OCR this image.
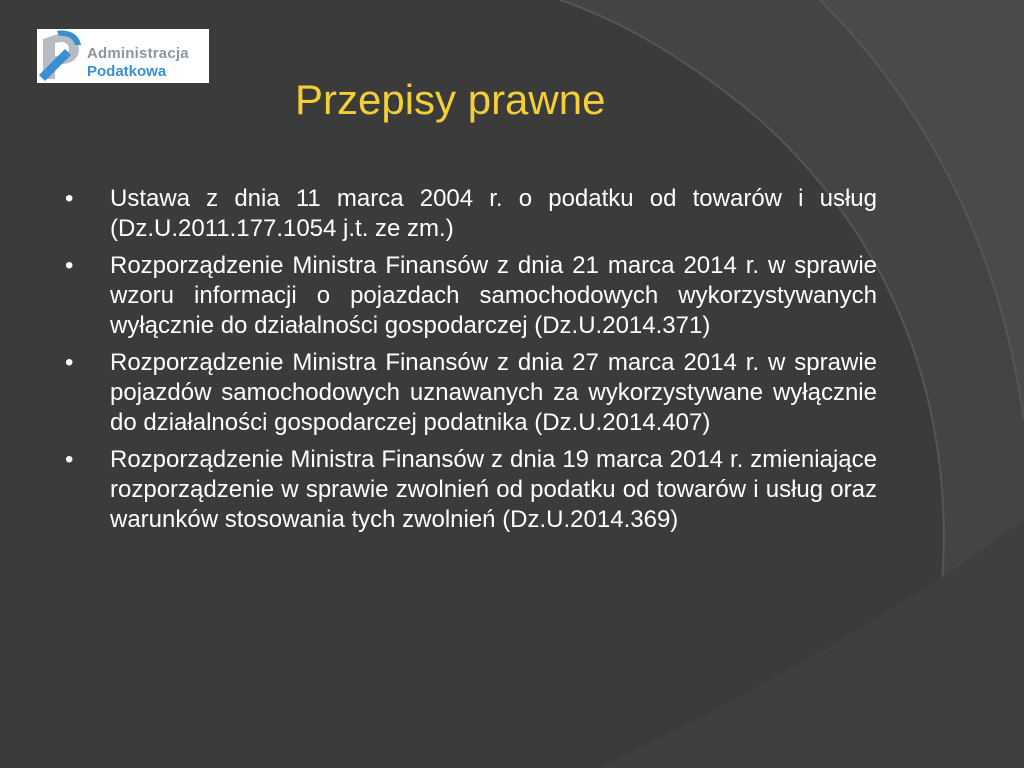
Administracja
Podatkowa
Przepisy prawne
• Ustawa z dnia 11 marca 2004 r. o podatku od towarów i usług (Dz.U.2011.177.1054 j.t. ze zm.)
• Rozporządzenie Ministra Finansów z dnia 21 marca 2014 r. w sprawie wzoru informacji o pojazdach samochodowych wykorzystywanych wyłącznie do działalności gospodarczej (Dz.U.2014.371)
• Rozporządzenie Ministra Finansów z dnia 27 marca 2014 r. w sprawie pojazdów samochodowych uznawanych za wykorzystywane wyłącznie do działalności gospodarczej podatnika (Dz.U.2014.407)
• Rozporządzenie Ministra Finansów z dnia 19 marca 2014 r. zmieniające rozporządzenie w sprawie zwolnień od podatku od towarów i usług oraz warunków stosowania tych zwolnień (Dz.U.2014.369)
